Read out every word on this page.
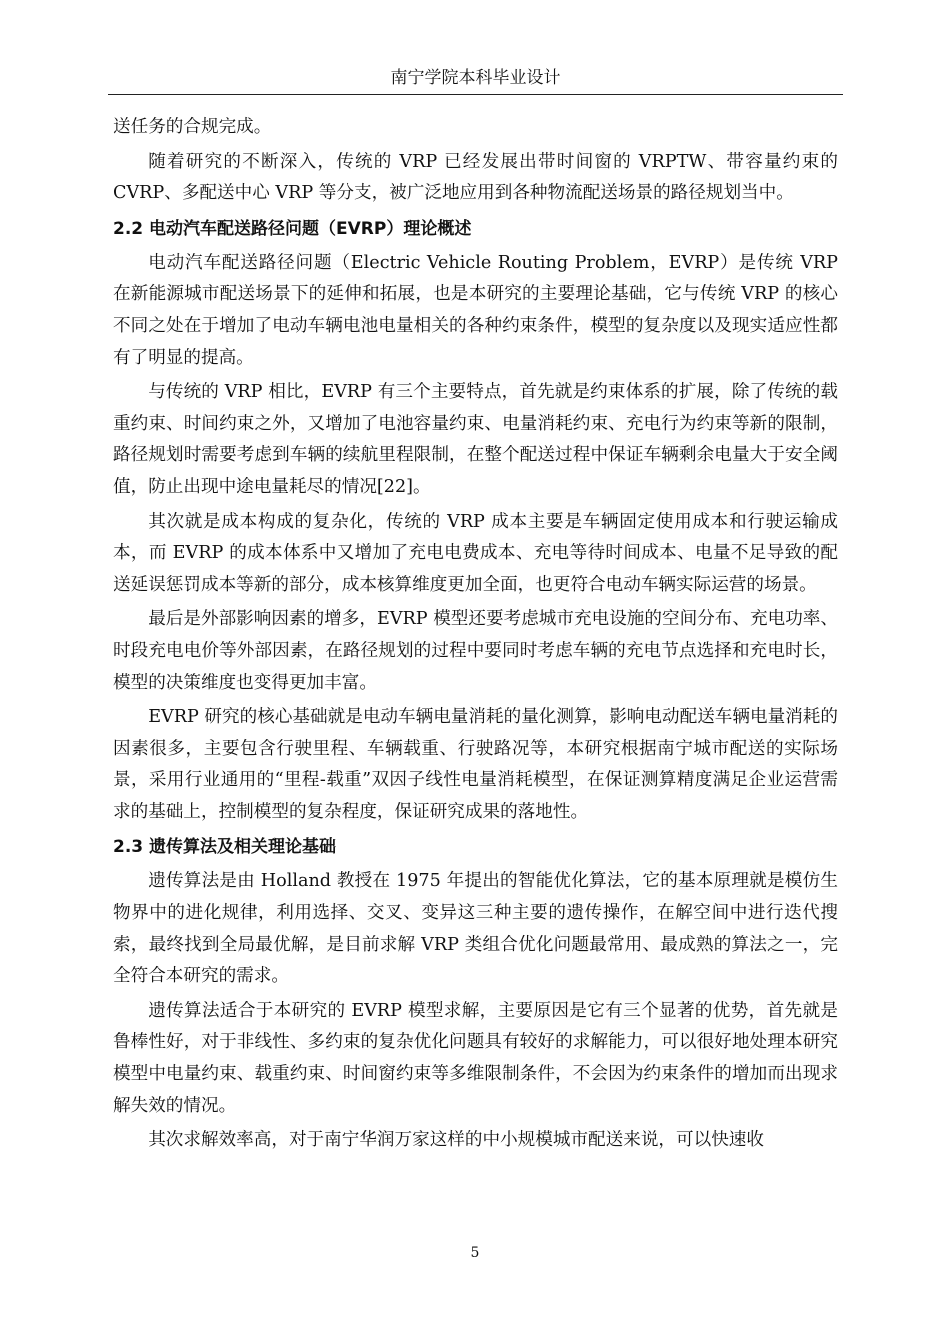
南宁学院本科毕业设计

送任务的合规完成。

随着研究的不断深入，传统的 VRP 已经发展出带时间窗的 VRPTW、带容量约束的 CVRP、多配送中心 VRP 等分支，被广泛地应用到各种物流配送场景的路径规划当中。

2.2 电动汽车配送路径问题（EVRP）理论概述

电动汽车配送路径问题（Electric Vehicle Routing Problem，EVRP）是传统 VRP 在新能源城市配送场景下的延伸和拓展，也是本研究的主要理论基础，它与传统 VRP 的核心不同之处在于增加了电动车辆电池电量相关的各种约束条件，模型的复杂度以及现实适应性都有了明显的提高。

与传统的 VRP 相比，EVRP 有三个主要特点，首先就是约束体系的扩展，除了传统的载重约束、时间约束之外，又增加了电池容量约束、电量消耗约束、充电行为约束等新的限制，路径规划时需要考虑到车辆的续航里程限制，在整个配送过程中保证车辆剩余电量大于安全阈值，防止出现中途电量耗尽的情况[22]。

其次就是成本构成的复杂化，传统的 VRP 成本主要是车辆固定使用成本和行驶运输成本，而 EVRP 的成本体系中又增加了充电电费成本、充电等待时间成本、电量不足导致的配送延误惩罚成本等新的部分，成本核算维度更加全面，也更符合电动车辆实际运营的场景。

最后是外部影响因素的增多，EVRP 模型还要考虑城市充电设施的空间分布、充电功率、时段充电电价等外部因素，在路径规划的过程中要同时考虑车辆的充电节点选择和充电时长，模型的决策维度也变得更加丰富。

EVRP 研究的核心基础就是电动车辆电量消耗的量化测算，影响电动配送车辆电量消耗的因素很多，主要包含行驶里程、车辆载重、行驶路况等，本研究根据南宁城市配送的实际场景，采用行业通用的“里程-载重”双因子线性电量消耗模型，在保证测算精度满足企业运营需求的基础上，控制模型的复杂程度，保证研究成果的落地性。

2.3 遗传算法及相关理论基础

遗传算法是由 Holland 教授在 1975 年提出的智能优化算法，它的基本原理就是模仿生物界中的进化规律，利用选择、交叉、变异这三种主要的遗传操作，在解空间中进行迭代搜索，最终找到全局最优解，是目前求解 VRP 类组合优化问题最常用、最成熟的算法之一，完全符合本研究的需求。

遗传算法适合于本研究的 EVRP 模型求解，主要原因是它有三个显著的优势，首先就是鲁棒性好，对于非线性、多约束的复杂优化问题具有较好的求解能力，可以很好地处理本研究模型中电量约束、载重约束、时间窗约束等多维限制条件，不会因为约束条件的增加而出现求解失效的情况。

其次求解效率高，对于南宁华润万家这样的中小规模城市配送来说，可以快速收

5
